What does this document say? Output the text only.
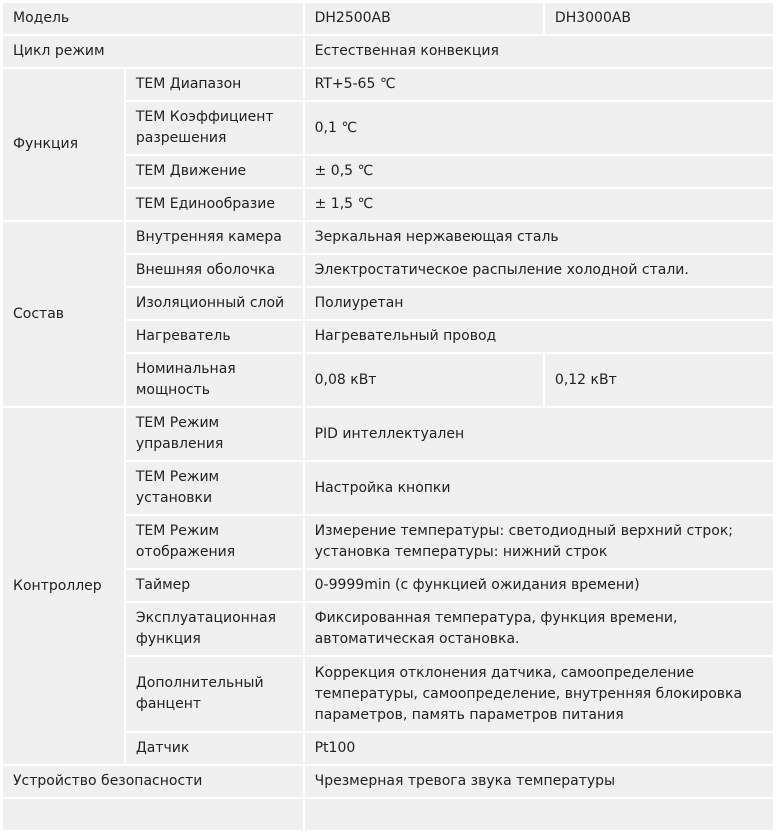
Модель		DH2500AB	DH3000AB
Цикл режим		Естественная конвекция	
Функция	ТЕМ Диапазон	RT+5-65 ℃	
	ТЕМ Коэффициент разрешения	0,1 ℃	
	ТЕМ Движение	± 0,5 ℃	
	ТЕМ Единообразие	± 1,5 ℃	
Состав	Внутренняя камера	Зеркальная нержавеющая сталь	
	Внешняя оболочка	Электростатическое распыление холодной стали.	
	Изоляционный слой	Полиуретан	
	Нагреватель	Нагревательный провод	
	Номинальная мощность	0,08 кВт	0,12 кВт
Контроллер	ТЕМ Режим управления	PID интеллектуален	
	ТЕМ Режим установки	Настройка кнопки	
	ТЕМ Режим отображения	Измерение температуры: светодиодный верхний строк; установка температуры: нижний строк	
	Таймер	0-9999min (с функцией ожидания времени)	
	Эксплуатационная функция	Фиксированная температура, функция времени, автоматическая остановка.	
	Дополнительный фанцент	Коррекция отклонения датчика, самоопределение температуры, самоопределение, внутренняя блокировка параметров, память параметров питания	
	Датчик	Pt100	
Устройство безопасности		Чрезмерная тревога звука температуры	
